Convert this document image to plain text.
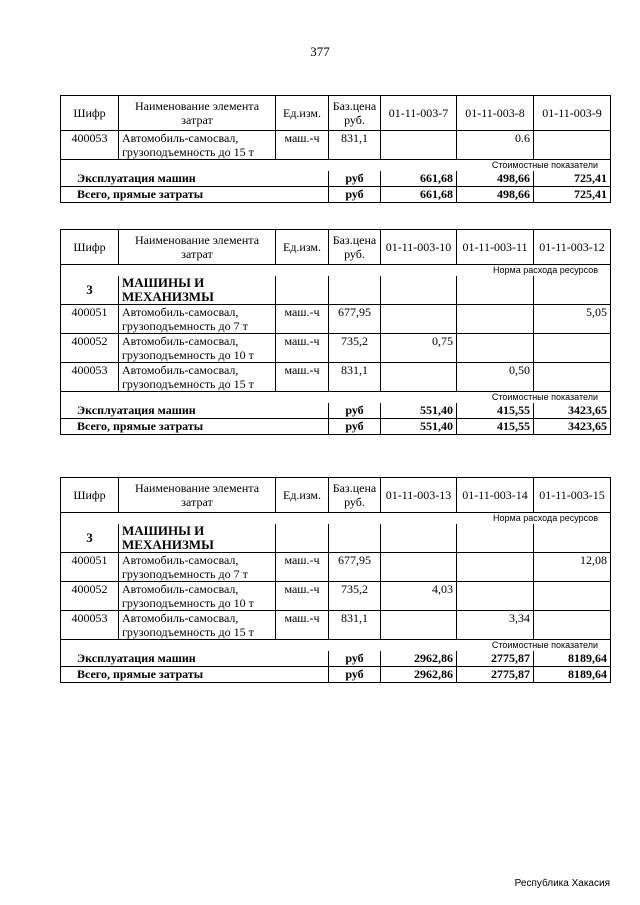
377
Шифр	Наименование элемента затрат	Ед.изм.	Баз.цена руб.	01-11-003-7	01-11-003-8	01-11-003-9
400053	Автомобиль-самосвал, грузоподъемность до 15 т	маш.-ч	831,1		0.6	
Стоимостные показатели						
Эксплуатация машин			руб	661,68	498,66	725,41
Всего, прямые затраты			руб	661,68	498,66	725,41
Шифр	Наименование элемента затрат	Ед.изм.	Баз.цена руб.	01-11-003-10	01-11-003-11	01-11-003-12
Норма расхода ресурсов						
3	МАШИНЫ И МЕХАНИЗМЫ					
400051	Автомобиль-самосвал, грузоподъемность до 7 т	маш.-ч	677,95			5,05
400052	Автомобиль-самосвал, грузоподъемность до 10 т	маш.-ч	735,2	0,75		
400053	Автомобиль-самосвал, грузоподъемность до 15 т	маш.-ч	831,1		0,50	
Стоимостные показатели						
Эксплуатация машин			руб	551,40	415,55	3423,65
Всего, прямые затраты			руб	551,40	415,55	3423,65
Шифр	Наименование элемента затрат	Ед.изм.	Баз.цена руб.	01-11-003-13	01-11-003-14	01-11-003-15
Норма расхода ресурсов						
3	МАШИНЫ И МЕХАНИЗМЫ					
400051	Автомобиль-самосвал, грузоподъемность до 7 т	маш.-ч	677,95			12,08
400052	Автомобиль-самосвал, грузоподъемность до 10 т	маш.-ч	735,2	4,03		
400053	Автомобиль-самосвал, грузоподъемность до 15 т	маш.-ч	831,1		3,34	
Стоимостные показатели						
Эксплуатация машин			руб	2962,86	2775,87	8189,64
Всего, прямые затраты			руб	2962,86	2775,87	8189,64
Республика Хакасия
